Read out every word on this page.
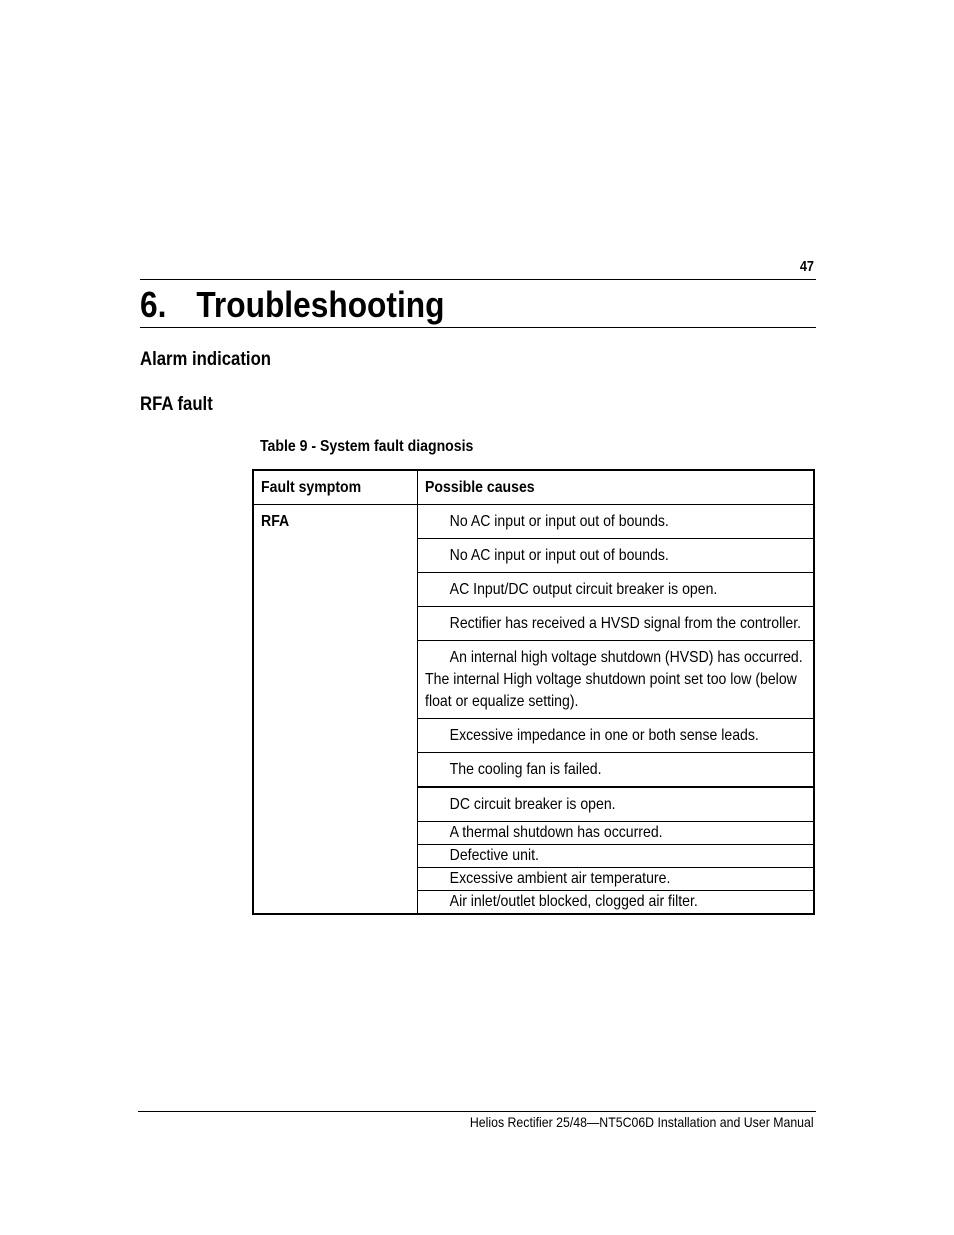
47
6. Troubleshooting
Alarm indication
RFA fault
Table 9 - System fault diagnosis
Fault symptom	Possible causes

RFA	No AC input or input out of bounds.

	No AC input or input out of bounds.

	AC Input/DC output circuit breaker is open.

	Rectifier has received a HVSD signal from the controller.

	An internal high voltage shutdown (HVSD) has occurred. The internal High voltage shutdown point set too low (below float or equalize setting).

	Excessive impedance in one or both sense leads.

	The cooling fan is failed.

	DC circuit breaker is open.

	A thermal shutdown has occurred.

	Defective unit.

	Excessive ambient air temperature.

	Air inlet/outlet blocked, clogged air filter.
Helios Rectifier 25/48—NT5C06D Installation and User Manual
